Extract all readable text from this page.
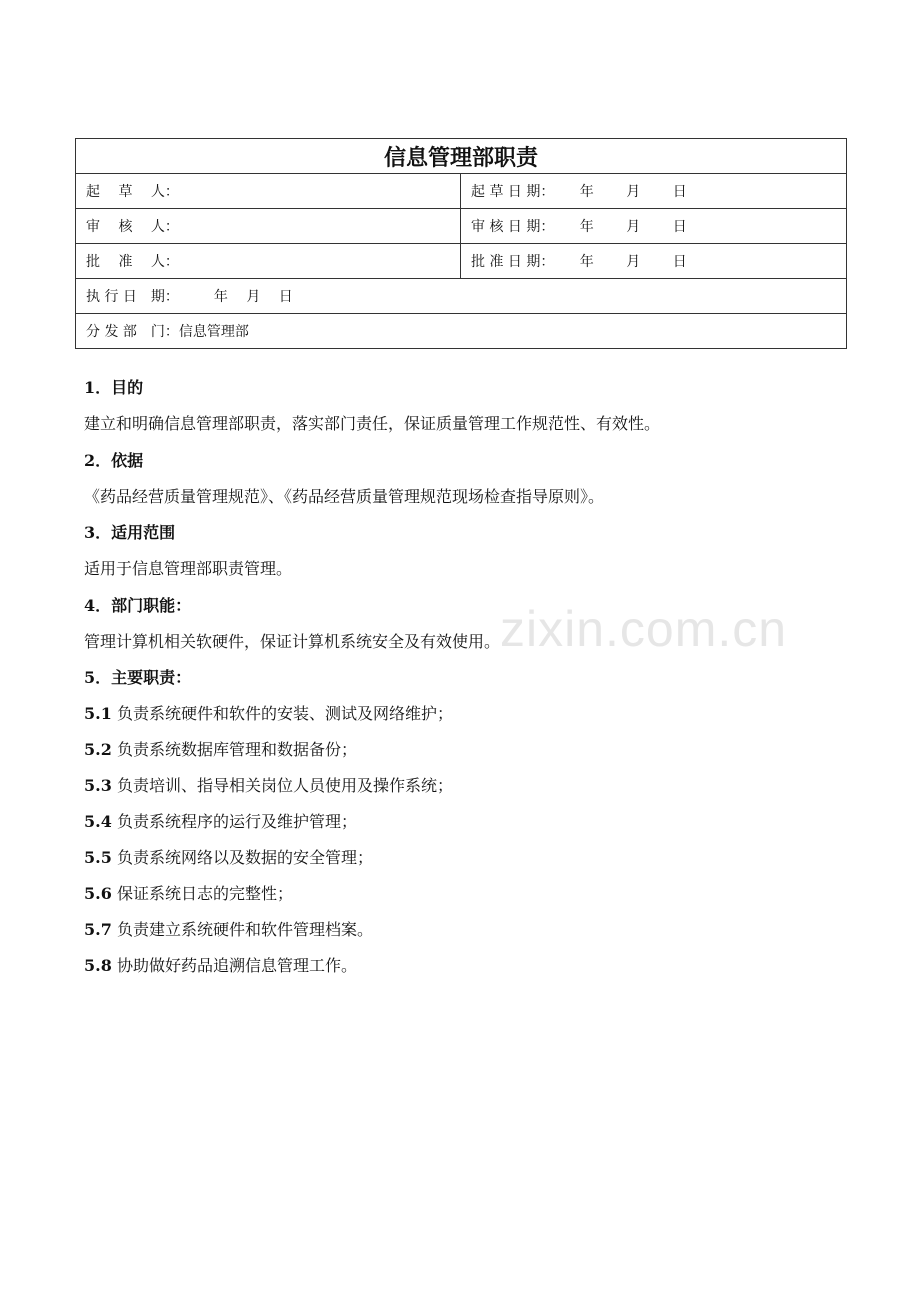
zixin.com.cn
信息管理部职责	
起　 草　 人：	起 草 日 期：　　 年　　 月　　 日
审　 核　 人：	审 核 日 期：　　 年　　 月　　 日
批　 准　 人：	批 准 日 期：　　 年　　 月　　 日
执 行 日　期：　　　年　 月　 日	
分 发 部　门：信息管理部	
1．目的
建立和明确信息管理部职责，落实部门责任，保证质量管理工作规范性、有效性。
2．依据
《药品经营质量管理规范》、《药品经营质量管理规范现场检查指导原则》。
3．适用范围
适用于信息管理部职责管理。
4．部门职能：
管理计算机相关软硬件，保证计算机系统安全及有效使用。
5．主要职责：
5.1 负责系统硬件和软件的安装、测试及网络维护；
5.2 负责系统数据库管理和数据备份；
5.3 负责培训、指导相关岗位人员使用及操作系统；
5.4 负责系统程序的运行及维护管理；
5.5 负责系统网络以及数据的安全管理；
5.6 保证系统日志的完整性；
5.7 负责建立系统硬件和软件管理档案。
5.8 协助做好药品追溯信息管理工作。
